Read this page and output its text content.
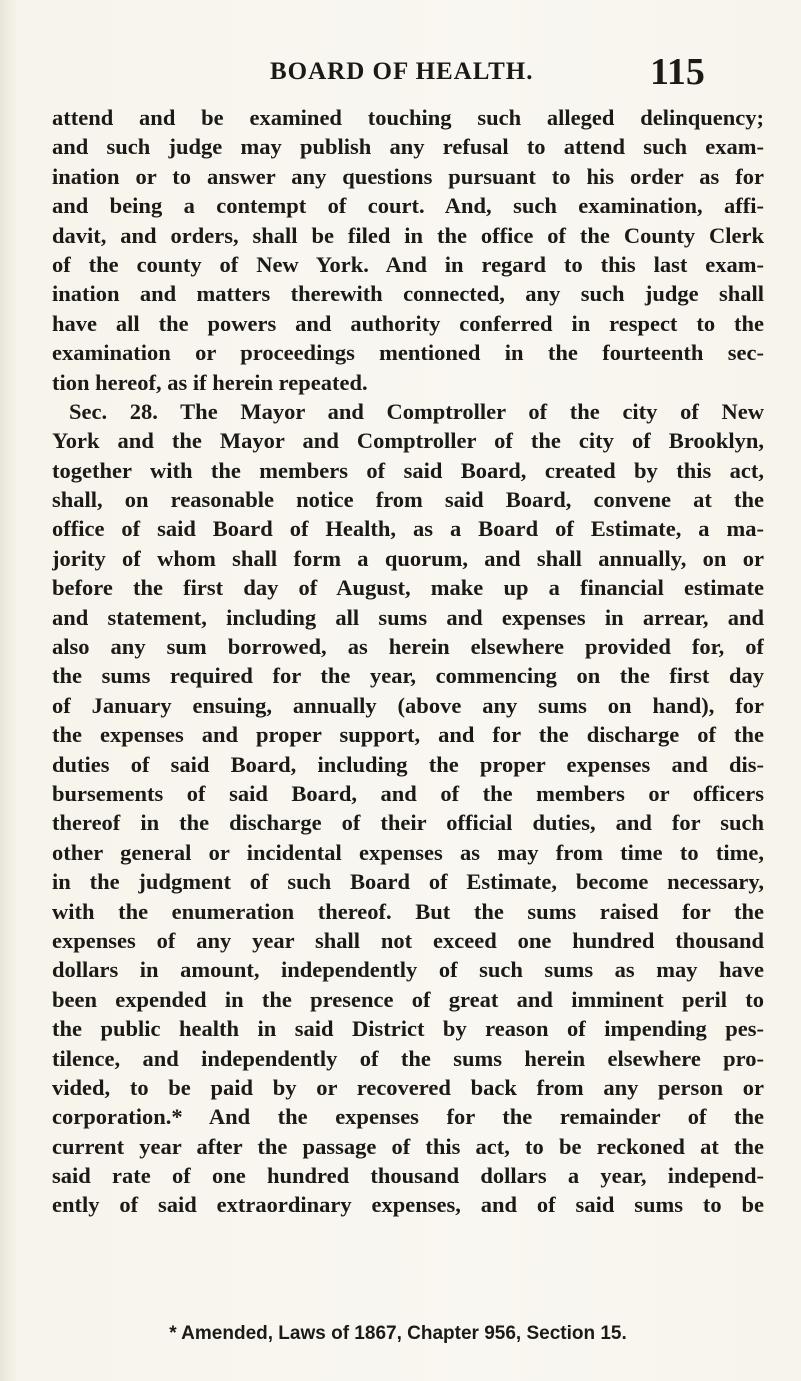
BOARD OF HEALTH.	115
attend and be examined touching such alleged delinquency;
and such judge may publish any refusal to attend such exam-
ination or to answer any questions pursuant to his order as for
and being a contempt of court. And, such examination, affi-
davit, and orders, shall be filed in the office of the County Clerk
of the county of New York. And in regard to this last exam-
ination and matters therewith connected, any such judge shall
have all the powers and authority conferred in respect to the
examination or proceedings mentioned in the fourteenth sec-
tion hereof, as if herein repeated.
Sec. 28. The Mayor and Comptroller of the city of New
York and the Mayor and Comptroller of the city of Brooklyn,
together with the members of said Board, created by this act,
shall, on reasonable notice from said Board, convene at the
office of said Board of Health, as a Board of Estimate, a ma-
jority of whom shall form a quorum, and shall annually, on or
before the first day of August, make up a financial estimate
and statement, including all sums and expenses in arrear, and
also any sum borrowed, as herein elsewhere provided for, of
the sums required for the year, commencing on the first day
of January ensuing, annually (above any sums on hand), for
the expenses and proper support, and for the discharge of the
duties of said Board, including the proper expenses and dis-
bursements of said Board, and of the members or officers
thereof in the discharge of their official duties, and for such
other general or incidental expenses as may from time to time,
in the judgment of such Board of Estimate, become necessary,
with the enumeration thereof. But the sums raised for the
expenses of any year shall not exceed one hundred thousand
dollars in amount, independently of such sums as may have
been expended in the presence of great and imminent peril to
the public health in said District by reason of impending pes-
tilence, and independently of the sums herein elsewhere pro-
vided, to be paid by or recovered back from any person or
corporation.* And the expenses for the remainder of the
current year after the passage of this act, to be reckoned at the
said rate of one hundred thousand dollars a year, independ-
ently of said extraordinary expenses, and of said sums to be
* Amended, Laws of 1867, Chapter 956, Section 15.
